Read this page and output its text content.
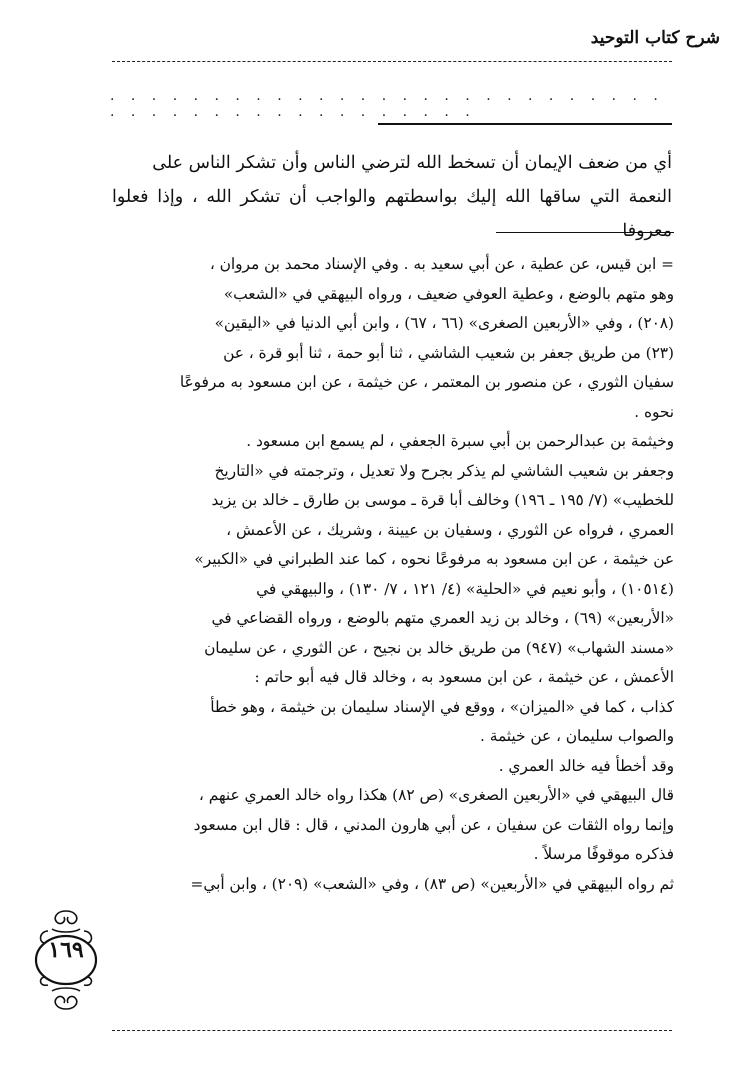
شرح كتاب التوحيد
. . . . . . . . . . . . . . . . . . . . . . . . . . . . . . . . . . . . . . . . . . . . .

أي من ضعف الإيمان أن تسخط الله لترضي الناس وأن تشكر الناس على

النعمة التي ساقها الله إليك بواسطتهم والواجب أن تشكر الله ، وإذا فعلوا معروفا

= ابن قيس، عن عطية ، عن أبي سعيد به . وفي الإسناد محمد بن مروان ،

وهو متهم بالوضع ، وعطية العوفي ضعيف ، ورواه البيهقي في «الشعب»

(٢٠٨) ، وفي «الأربعين الصغرى» (٦٦ ، ٦٧) ، وابن أبي الدنيا في «اليقين»

(٢٣) من طريق جعفر بن شعيب الشاشي ، ثنا أبو حمة ، ثنا أبو قرة ، عن

سفيان الثوري ، عن منصور بن المعتمر ، عن خيثمة ، عن ابن مسعود به مرفوعًا

نحوه .

وخيثمة بن عبدالرحمن بن أبي سبرة الجعفي ، لم يسمع ابن مسعود .

وجعفر بن شعيب الشاشي لم يذكر بجرح ولا تعديل ، وترجمته في «التاريخ

للخطيب» (٧/ ١٩٥ ـ ١٩٦) وخالف أبا قرة ـ موسى بن طارق ـ خالد بن يزيد

العمري ، فرواه عن الثوري ، وسفيان بن عيينة ، وشريك ، عن الأعمش ،

عن خيثمة ، عن ابن مسعود به مرفوعًا نحوه ، كما عند الطبراني في «الكبير»

(١٠٥١٤) ، وأبو نعيم في «الحلية» (٤/ ١٢١ ، ٧/ ١٣٠) ، والبيهقي في

«الأربعين» (٦٩) ، وخالد بن زيد العمري متهم بالوضع ، ورواه القضاعي في

«مسند الشهاب» (٩٤٧) من طريق خالد بن نجيح ، عن الثوري ، عن سليمان

الأعمش ، عن خيثمة ، عن ابن مسعود به ، وخالد قال فيه أبو حاتم :

كذاب ، كما في «الميزان» ، ووقع في الإسناد سليمان بن خيثمة ، وهو خطأ

والصواب سليمان ، عن خيثمة .

وقد أخطأ فيه خالد العمري .

قال البيهقي في «الأربعين الصغرى» (ص ٨٢) هكذا رواه خالد العمري عنهم ،

وإنما رواه الثقات عن سفيان ، عن أبي هارون المدني ، قال : قال ابن مسعود

فذكره موقوفًا مرسلاً .

ثم رواه البيهقي في «الأربعين» (ص ٨٣) ، وفي «الشعب» (٢٠٩) ، وابن أبي=

١٦٩
